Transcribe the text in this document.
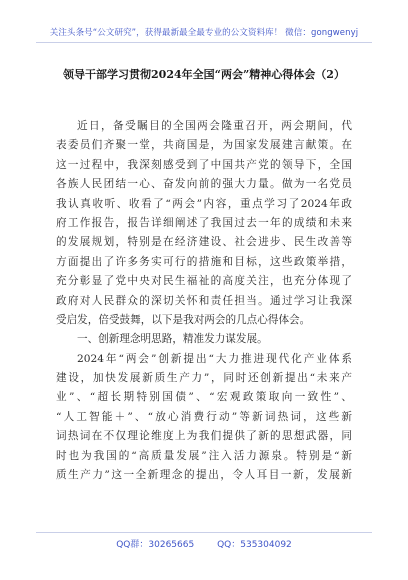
关注头条号“公文研究”，获得最新最全最专业的公文资料库！ 微信：gongwenyj
领导干部学习贯彻2024年全国“两会”精神心得体会（2）
近日，备受瞩目的全国两会隆重召开，两会期间，代
表委员们齐聚一堂，共商国是，为国家发展建言献策。在
这一过程中，我深刻感受到了中国共产党的领导下，全国
各族人民团结一心、奋发向前的强大力量。做为一名党员
我认真收听、收看了“两会”内容，重点学习了2024年政
府工作报告，报告详细阐述了我国过去一年的成绩和未来
的发展规划，特别是在经济建设、社会进步、民生改善等
方面提出了许多务实可行的措施和目标，这些政策举措，
充分彰显了党中央对民生福祉的高度关注，也充分体现了
政府对人民群众的深切关怀和责任担当。通过学习让我深
受启发，倍受鼓舞，以下是我对两会的几点心得体会。
一、创新理念明思路，精准发力谋发展。
2024年“两会”创新提出“大力推进现代化产业体系
建设，加快发展新质生产力”，同时还创新提出“未来产
业”、“超长期特别国债”、“宏观政策取向一致性”、
“人工智能＋”、“放心消费行动”等新词热词，这些新
词热词在不仅理论维度上为我们提供了新的思想武器，同
时也为我国的“高质量发展”注入活力源泉。特别是“新
质生产力”这一全新理念的提出，令人耳目一新，发展新
QQ群：30265665	QQ：535304092
